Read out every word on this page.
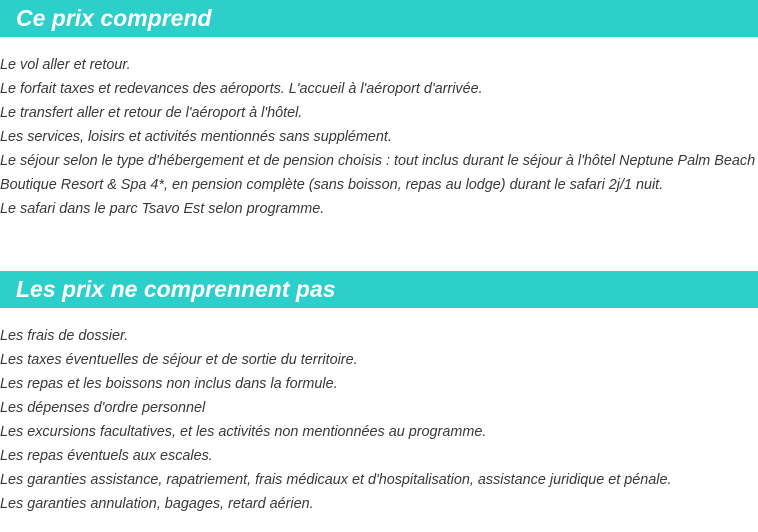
Ce prix comprend
Le vol aller et retour.
Le forfait taxes et redevances des aéroports. L'accueil à l'aéroport d'arrivée.
Le transfert aller et retour de l'aéroport à l'hôtel.
Les services, loisirs et activités mentionnés sans supplément.
Le séjour selon le type d'hébergement et de pension choisis : tout inclus durant le séjour à l'hôtel Neptune Palm Beach
Boutique Resort & Spa 4*, en pension complète (sans boisson, repas au lodge) durant le safari 2j/1 nuit.
Le safari dans le parc Tsavo Est selon programme.
Les prix ne comprennent pas
Les frais de dossier.
Les taxes éventuelles de séjour et de sortie du territoire.
Les repas et les boissons non inclus dans la formule.
Les dépenses d'ordre personnel
Les excursions facultatives, et les activités non mentionnées au programme.
Les repas éventuels aux escales.
Les garanties assistance, rapatriement, frais médicaux et d'hospitalisation, assistance juridique et pénale.
Les garanties annulation, bagages, retard aérien.
